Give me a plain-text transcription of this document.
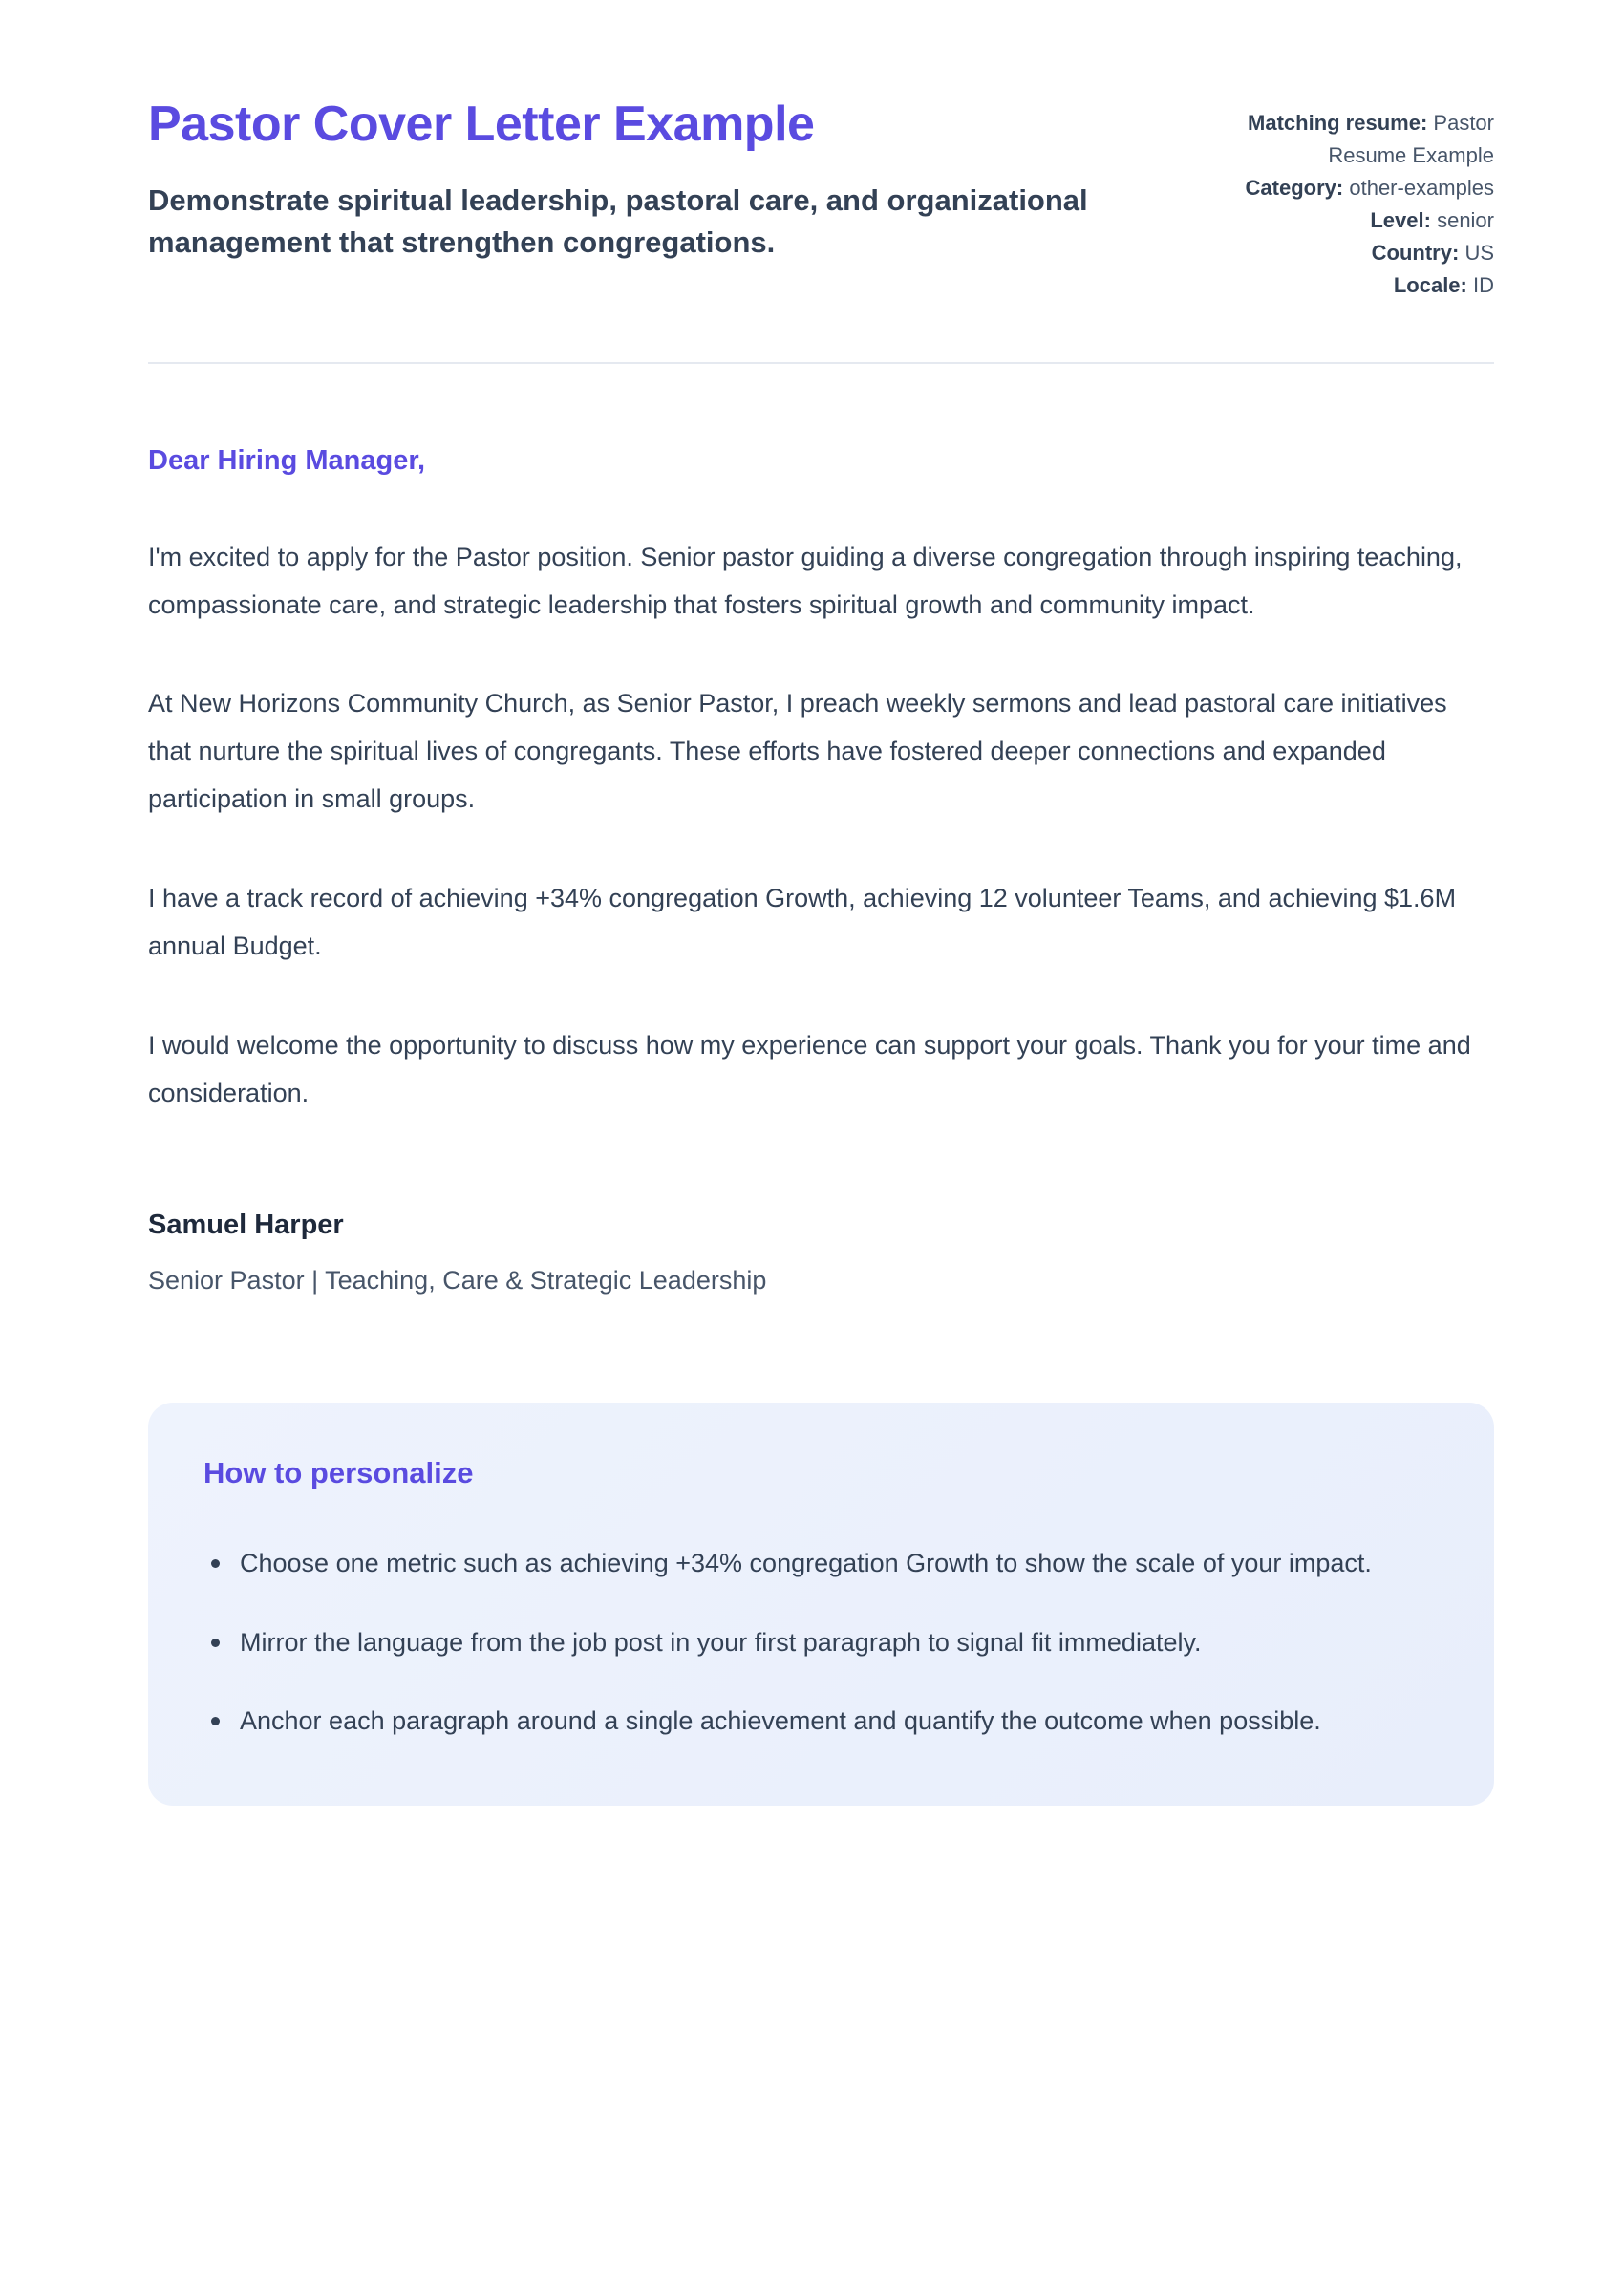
Pastor Cover Letter Example
Demonstrate spiritual leadership, pastoral care, and organizational management that strengthen congregations.
Matching resume: Pastor Resume Example
Category: other-examples
Level: senior
Country: US
Locale: ID
Dear Hiring Manager,

I'm excited to apply for the Pastor position. Senior pastor guiding a diverse congregation through inspiring teaching, compassionate care, and strategic leadership that fosters spiritual growth and community impact.

At New Horizons Community Church, as Senior Pastor, I preach weekly sermons and lead pastoral care initiatives that nurture the spiritual lives of congregants. These efforts have fostered deeper connections and expanded participation in small groups.

I have a track record of achieving +34% congregation Growth, achieving 12 volunteer Teams, and achieving $1.6M annual Budget.

I would welcome the opportunity to discuss how my experience can support your goals. Thank you for your time and consideration.

Samuel Harper
Senior Pastor | Teaching, Care & Strategic Leadership
How to personalize
Choose one metric such as achieving +34% congregation Growth to show the scale of your impact.
Mirror the language from the job post in your first paragraph to signal fit immediately.
Anchor each paragraph around a single achievement and quantify the outcome when possible.
